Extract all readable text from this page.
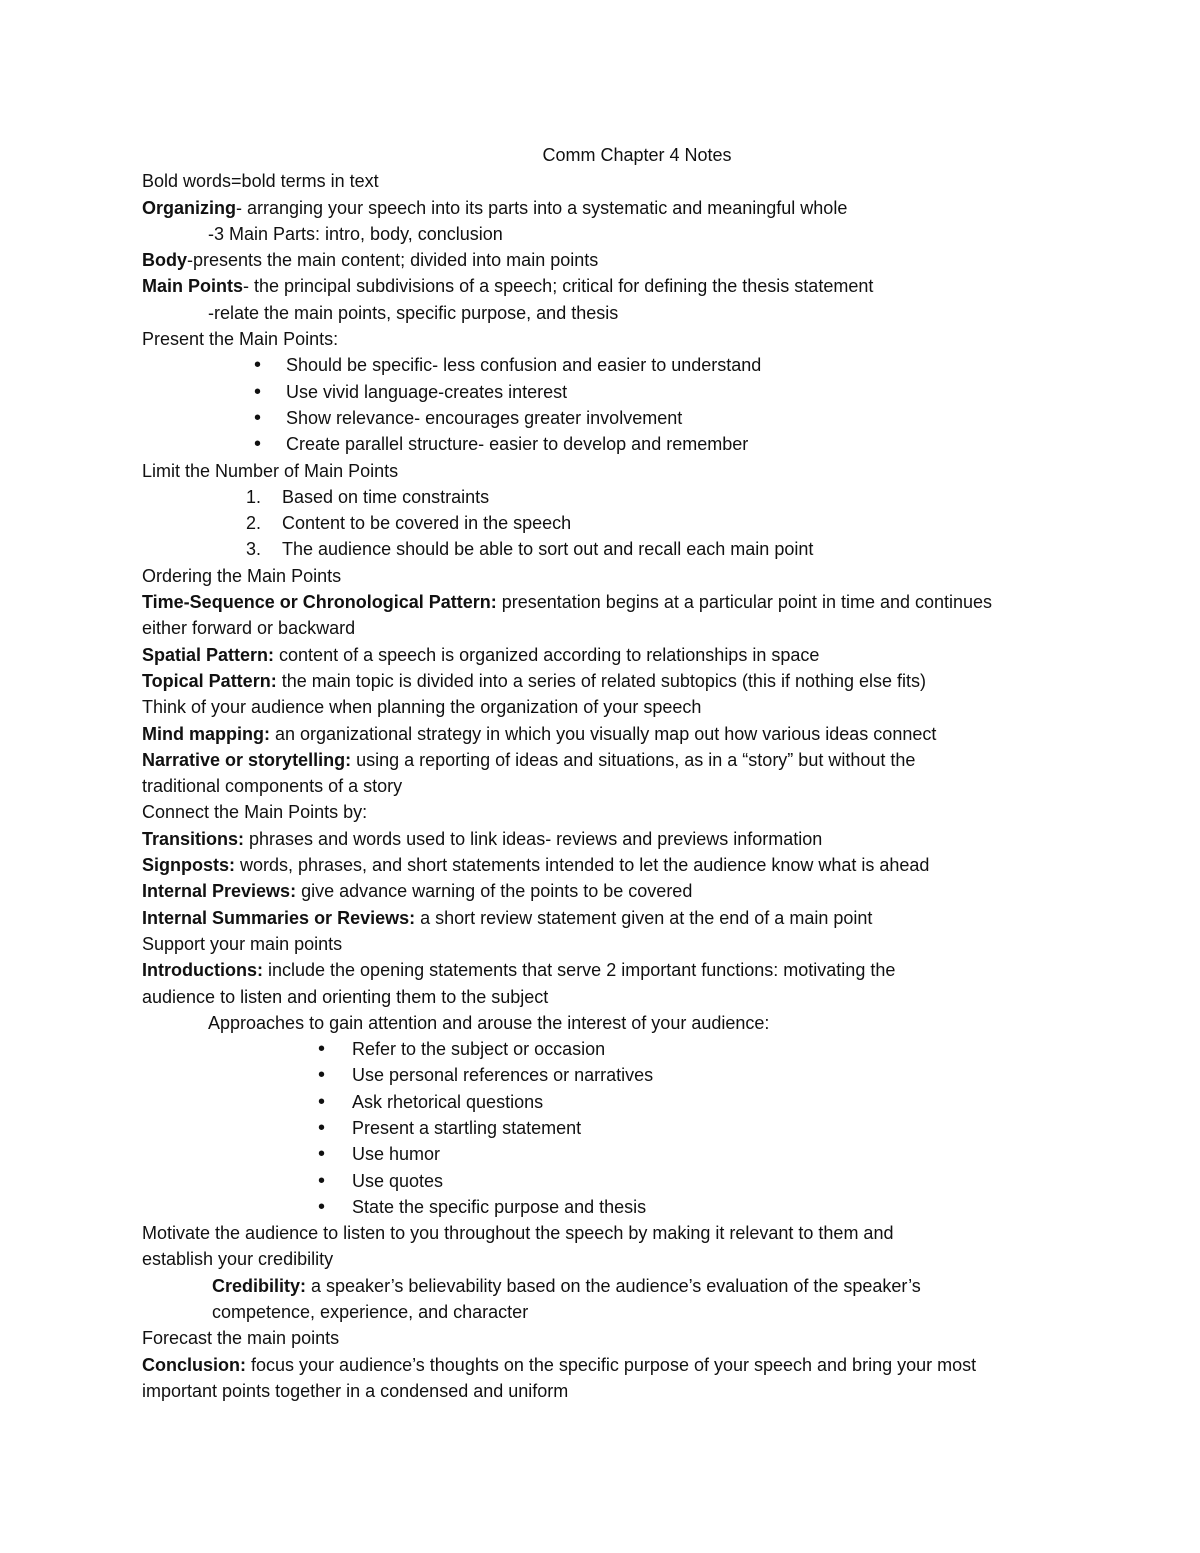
Comm Chapter 4 Notes
Bold words=bold terms in text
Organizing- arranging your speech into its parts into a systematic and meaningful whole
-3 Main Parts: intro, body, conclusion
Body-presents the main content; divided into main points
Main Points- the principal subdivisions of a speech; critical for defining the thesis statement
-relate the main points, specific purpose, and thesis
Present the Main Points:
• Should be specific- less confusion and easier to understand
• Use vivid language-creates interest
• Show relevance- encourages greater involvement
• Create parallel structure- easier to develop and remember
Limit the Number of Main Points
1. Based on time constraints
2. Content to be covered in the speech
3. The audience should be able to sort out and recall each main point
Ordering the Main Points
Time-Sequence or Chronological Pattern: presentation begins at a particular point in time and continues
either forward or backward
Spatial Pattern: content of a speech is organized according to relationships in space
Topical Pattern: the main topic is divided into a series of related subtopics (this if nothing else fits)
Think of your audience when planning the organization of your speech
Mind mapping: an organizational strategy in which you visually map out how various ideas connect
Narrative or storytelling: using a reporting of ideas and situations, as in a “story” but without the
traditional components of a story
Connect the Main Points by:
Transitions: phrases and words used to link ideas- reviews and previews information
Signposts: words, phrases, and short statements intended to let the audience know what is ahead
Internal Previews: give advance warning of the points to be covered
Internal Summaries or Reviews: a short review statement given at the end of a main point
Support your main points
Introductions: include the opening statements that serve 2 important functions: motivating the
audience to listen and orienting them to the subject
Approaches to gain attention and arouse the interest of your audience:
• Refer to the subject or occasion
• Use personal references or narratives
• Ask rhetorical questions
• Present a startling statement
• Use humor
• Use quotes
• State the specific purpose and thesis
Motivate the audience to listen to you throughout the speech by making it relevant to them and
establish your credibility
Credibility: a speaker’s believability based on the audience’s evaluation of the speaker’s
competence, experience, and character
Forecast the main points
Conclusion: focus your audience’s thoughts on the specific purpose of your speech and bring your most
important points together in a condensed and uniform
